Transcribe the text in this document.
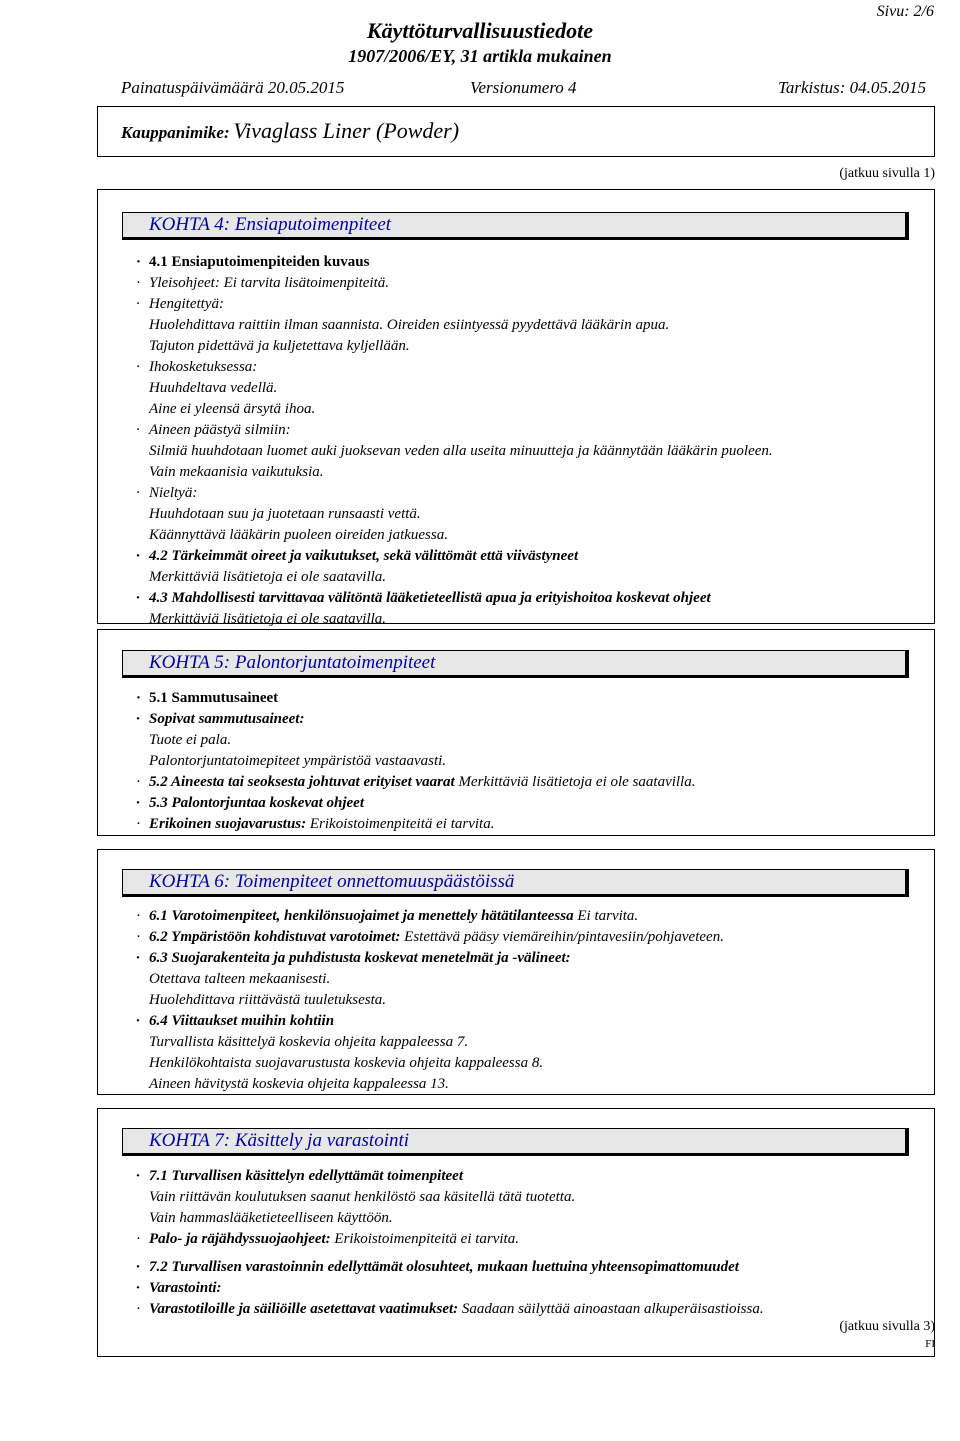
Sivu: 2/6
Käyttöturvallisuustiedote
1907/2006/EY, 31 artikla mukainen
Painatuspäivämäärä 20.05.2015	Versionumero 4	Tarkistus: 04.05.2015
Kauppanimike: Vivaglass Liner (Powder)
(jatkuu sivulla 1)
KOHTA 4: Ensiaputoimenpiteet
· 4.1 Ensiaputoimenpiteiden kuvaus
· Yleisohjeet: Ei tarvita lisätoimenpiteitä.
· Hengitettyä:
Huolehdittava raittiin ilman saannista. Oireiden esiintyessä pyydettävä lääkärin apua.
Tajuton pidettävä ja kuljetettava kyljellään.
· Ihokosketuksessa:
Huuhdeltava vedellä.
Aine ei yleensä ärsytä ihoa.
· Aineen päästyä silmiin:
Silmiä huuhdotaan luomet auki juoksevan veden alla useita minuutteja ja käännytään lääkärin puoleen.
Vain mekaanisia vaikutuksia.
· Nieltyä:
Huuhdotaan suu ja juotetaan runsaasti vettä.
Käännyttävä lääkärin puoleen oireiden jatkuessa.
· 4.2 Tärkeimmät oireet ja vaikutukset, sekä välittömät että viivästyneet
Merkittäviä lisätietoja ei ole saatavilla.
· 4.3 Mahdollisesti tarvittavaa välitöntä lääketieteellistä apua ja erityishoitoa koskevat ohjeet
Merkittäviä lisätietoja ei ole saatavilla.
KOHTA 5: Palontorjuntatoimenpiteet
· 5.1 Sammutusaineet
· Sopivat sammutusaineet:
Tuote ei pala.
Palontorjuntatoimepiteet ympäristöä vastaavasti.
· 5.2 Aineesta tai seoksesta johtuvat erityiset vaarat Merkittäviä lisätietoja ei ole saatavilla.
· 5.3 Palontorjuntaa koskevat ohjeet
· Erikoinen suojavarustus: Erikoistoimenpiteitä ei tarvita.
KOHTA 6: Toimenpiteet onnettomuuspäästöissä
· 6.1 Varotoimenpiteet, henkilönsuojaimet ja menettely hätätilanteessa Ei tarvita.
· 6.2 Ympäristöön kohdistuvat varotoimet: Estettävä pääsy viemäreihin/pintavesiin/pohjaveteen.
· 6.3 Suojarakenteita ja puhdistusta koskevat menetelmät ja -välineet:
Otettava talteen mekaanisesti.
Huolehdittava riittävästä tuuletuksesta.
· 6.4 Viittaukset muihin kohtiin
Turvallista käsittelyä koskevia ohjeita kappaleessa 7.
Henkilökohtaista suojavarustusta koskevia ohjeita kappaleessa 8.
Aineen hävitystä koskevia ohjeita kappaleessa 13.
KOHTA 7: Käsittely ja varastointi
· 7.1 Turvallisen käsittelyn edellyttämät toimenpiteet
Vain riittävän koulutuksen saanut henkilöstö saa käsitellä tätä tuotetta.
Vain hammaslääketieteelliseen käyttöön.
· Palo- ja räjähdyssuojaohjeet: Erikoistoimenpiteitä ei tarvita.
· 7.2 Turvallisen varastoinnin edellyttämät olosuhteet, mukaan luettuina yhteensopimattomuudet
· Varastointi:
· Varastotiloille ja säiliöille asetettavat vaatimukset: Saadaan säilyttää ainoastaan alkuperäisastioissa.
(jatkuu sivulla 3)
FI
